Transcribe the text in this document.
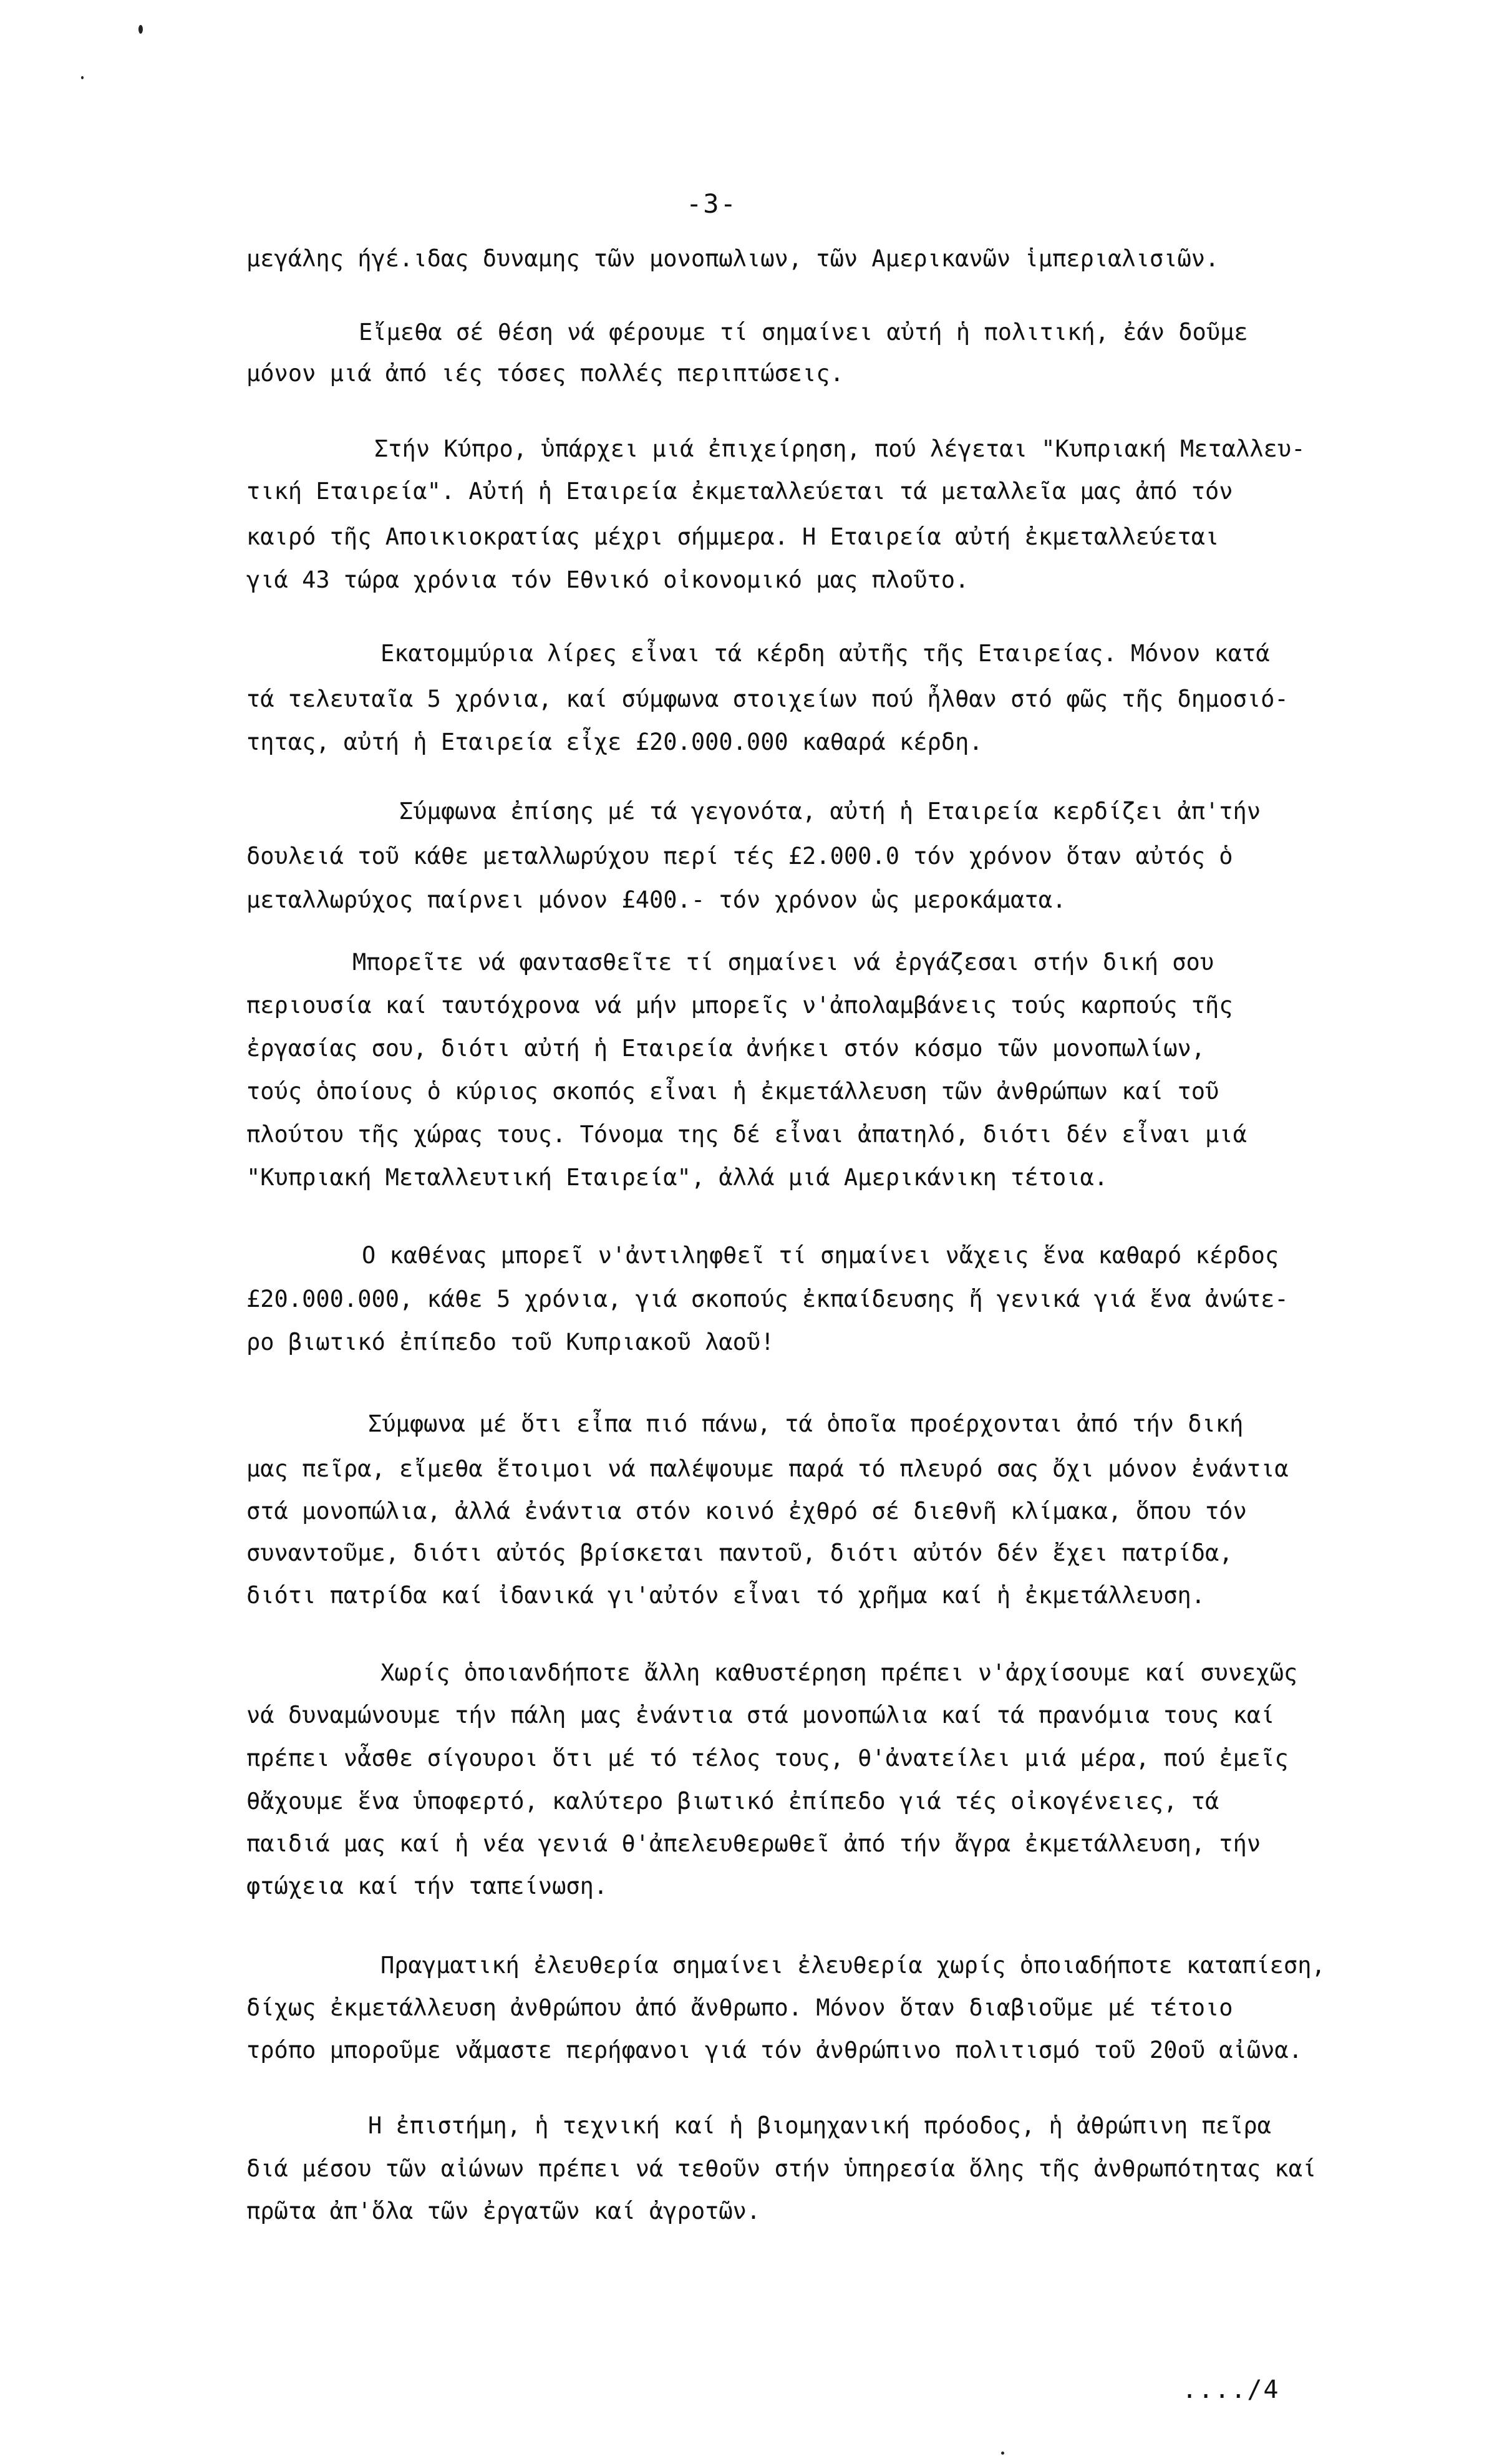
-3-
μεγάλης ήγέ.ιδας δυναμης τῶν μονοπωλιων, τῶν Αμερικανῶν ἱμπεριαλισιῶν.
Εἴμεθα σέ θέση νά φέρουμε τί σημαίνει αὐτή ἡ πολιτική, ἐάν δοῦμε
μόνον μιά ἀπό ιές τόσες πολλές περιπτώσεις.
Στήν Κύπρο, ὑπάρχει μιά ἐπιχείρηση, πού λέγεται "Κυπριακή Μεταλλευ-
τική Εταιρεία". Αὐτή ἡ Εταιρεία ἐκμεταλλεύεται τά μεταλλεῖα μας ἀπό τόν
καιρό τῆς Αποικιοκρατίας μέχρι σήμμερα. Η Εταιρεία αὐτή ἐκμεταλλεύεται
γιά 43 τώρα χρόνια τόν Εθνικό οἰκονομικό μας πλοῦτο.
Εκατομμύρια λίρες εἶναι τά κέρδη αὐτῆς τῆς Εταιρείας. Μόνον κατά
τά τελευταῖα 5 χρόνια, καί σύμφωνα στοιχείων πού ἦλθαν στό φῶς τῆς δημοσιό-
τητας, αὐτή ἡ Εταιρεία εἶχε £20.000.000 καθαρά κέρδη.
Σύμφωνα ἐπίσης μέ τά γεγονότα, αὐτή ἡ Εταιρεία κερδίζει ἀπ'τήν
δουλειά τοῦ κάθε μεταλλωρύχου περί τές £2.000.0 τόν χρόνον ὅταν αὐτός ὁ
μεταλλωρύχος παίρνει μόνον £400.- τόν χρόνον ὡς μεροκάματα.
Μπορεῖτε νά φαντασθεῖτε τί σημαίνει νά ἐργάζεσαι στήν δική σου
περιουσία καί ταυτόχρονα νά μήν μπορεῖς ν'ἀπολαμβάνεις τούς καρπούς τῆς
ἐργασίας σου, διότι αὐτή ἡ Εταιρεία ἀνήκει στόν κόσμο τῶν μονοπωλίων,
τούς ὁποίους ὁ κύριος σκοπός εἶναι ἡ ἐκμετάλλευση τῶν ἀνθρώπων καί τοῦ
πλούτου τῆς χώρας τους. Τόνομα της δέ εἶναι ἀπατηλό, διότι δέν εἶναι μιά
"Κυπριακή Μεταλλευτική Εταιρεία", ἀλλά μιά Αμερικάνικη τέτοια.
Ο καθένας μπορεῖ ν'ἀντιληφθεῖ τί σημαίνει νἄχεις ἕνα καθαρό κέρδος
£20.000.000, κάθε 5 χρόνια, γιά σκοπούς ἐκπαίδευσης ἤ γενικά γιά ἕνα ἀνώτε-
ρο βιωτικό ἐπίπεδο τοῦ Κυπριακοῦ λαοῦ!
Σύμφωνα μέ ὅτι εἶπα πιό πάνω, τά ὁποῖα προέρχονται ἀπό τήν δική
μας πεῖρα, εἴμεθα ἕτοιμοι νά παλέψουμε παρά τό πλευρό σας ὄχι μόνον ἐνάντια
στά μονοπώλια, ἀλλά ἐνάντια στόν κοινό ἐχθρό σέ διεθνῆ κλίμακα, ὅπου τόν
συναντοῦμε, διότι αὐτός βρίσκεται παντοῦ, διότι αὐτόν δέν ἔχει πατρίδα,
διότι πατρίδα καί ἰδανικά γι'αὐτόν εἶναι τό χρῆμα καί ἡ ἐκμετάλλευση.
Χωρίς ὁποιανδήποτε ἄλλη καθυστέρηση πρέπει ν'ἀρχίσουμε καί συνεχῶς
νά δυναμώνουμε τήν πάλη μας ἐνάντια στά μονοπώλια καί τά πρανόμια τους καί
πρέπει νἆσθε σίγουροι ὅτι μέ τό τέλος τους, θ'ἀνατείλει μιά μέρα, πού ἐμεῖς
θἄχουμε ἕνα ὑποφερτό, καλύτερο βιωτικό ἐπίπεδο γιά τές οἰκογένειες, τά
παιδιά μας καί ἡ νέα γενιά θ'ἀπελευθερωθεῖ ἀπό τήν ἄγρα ἐκμετάλλευση, τήν
φτώχεια καί τήν ταπείνωση.
Πραγματική ἐλευθερία σημαίνει ἐλευθερία χωρίς ὁποιαδήποτε καταπίεση,
δίχως ἐκμετάλλευση ἀνθρώπου ἀπό ἄνθρωπο. Μόνον ὅταν διαβιοῦμε μέ τέτοιο
τρόπο μποροῦμε νἄμαστε περήφανοι γιά τόν ἀνθρώπινο πολιτισμό τοῦ 20οῦ αἰῶνα.
Η ἐπιστήμη, ἡ τεχνική καί ἡ βιομηχανική πρόοδος, ἡ ἀθρώπινη πεῖρα
διά μέσου τῶν αἰώνων πρέπει νά τεθοῦν στήν ὑπηρεσία ὅλης τῆς ἀνθρωπότητας καί
πρῶτα ἀπ'ὅλα τῶν ἐργατῶν καί ἀγροτῶν.
..../4
